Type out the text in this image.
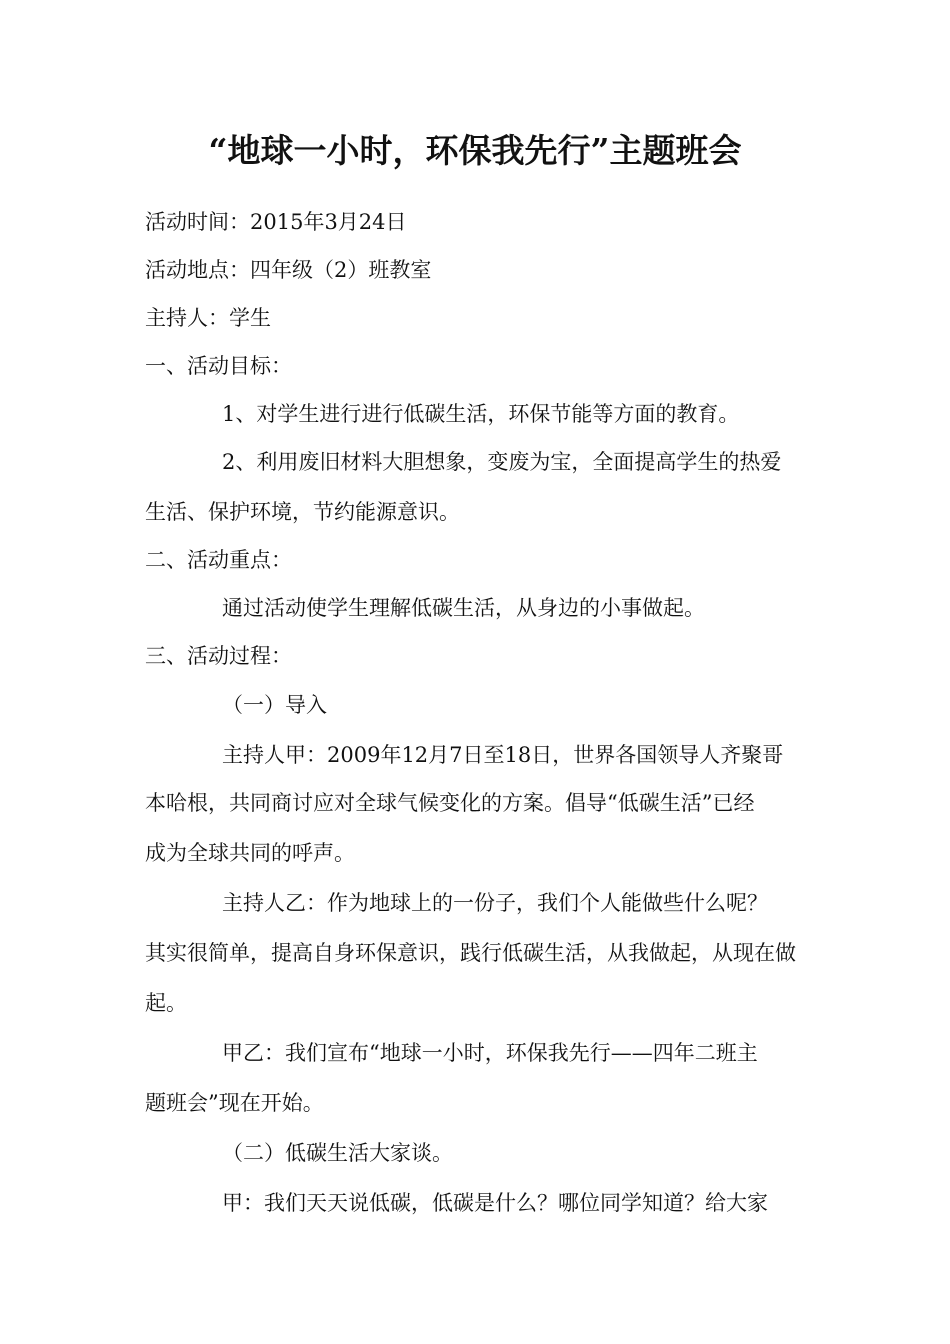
“地球一小时，环保我先行”主题班会
活动时间：2015年3月24日
活动地点：四年级（2）班教室
主持人：学生
一、活动目标：
1、对学生进行进行低碳生活，环保节能等方面的教育。
2、利用废旧材料大胆想象，变废为宝，全面提高学生的热爱
生活、保护环境，节约能源意识。
二、活动重点：
通过活动使学生理解低碳生活，从身边的小事做起。
三、活动过程：
（一）导入
主持人甲：2009年12月7日至18日，世界各国领导人齐聚哥
本哈根，共同商讨应对全球气候变化的方案。倡导“低碳生活”已经
成为全球共同的呼声。
主持人乙：作为地球上的一份子，我们个人能做些什么呢？
其实很简单，提高自身环保意识，践行低碳生活，从我做起，从现在做
起。
甲乙：我们宣布“地球一小时，环保我先行——四年二班主
题班会”现在开始。
（二）低碳生活大家谈。
甲：我们天天说低碳，低碳是什么？哪位同学知道？给大家
